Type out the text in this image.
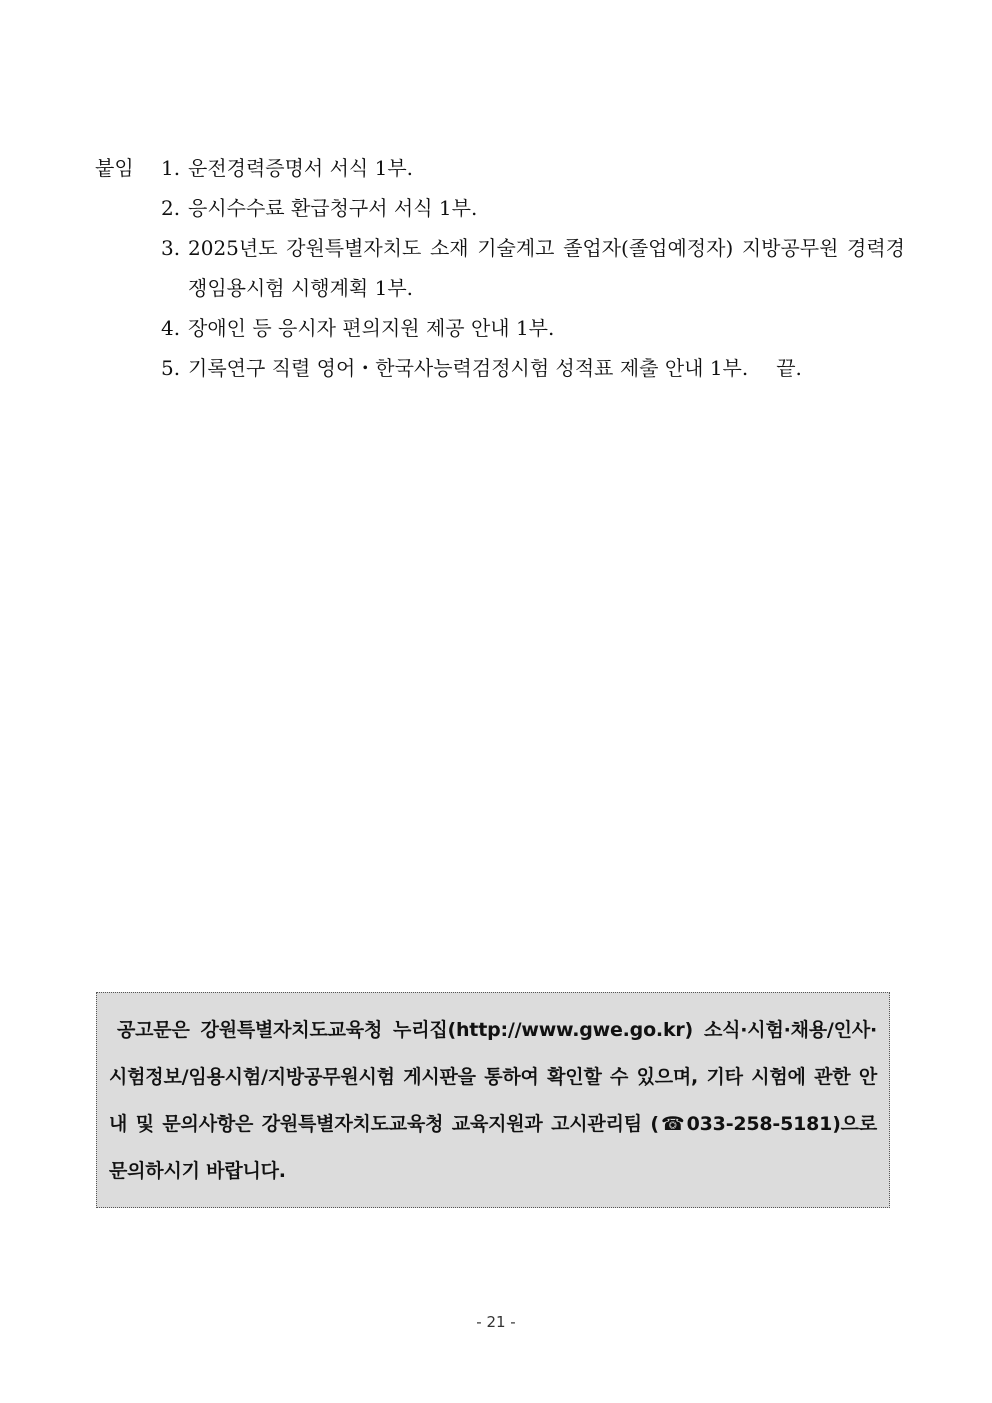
붙임	1. 운전경력증명서 서식 1부.
2. 응시수수료 환급청구서 서식 1부.
3. 2025년도 강원특별자치도 소재 기술계고 졸업자(졸업예정자) 지방공무원 경력경쟁임용시험 시행계획 1부.
4. 장애인 등 응시자 편의지원 제공 안내 1부.
5. 기록연구 직렬 영어・한국사능력검정시험 성적표 제출 안내 1부. 끝.
공고문은 강원특별자치도교육청 누리집(http://www.gwe.go.kr) 소식·시험·채용/인사·시험정보/임용시험/지방공무원시험 게시판을 통하여 확인할 수 있으며, 기타 시험에 관한 안내 및 문의사항은 강원특별자치도교육청 교육지원과 고시관리팀 (☎033-258-5181)으로 문의하시기 바랍니다.
- 21 -
